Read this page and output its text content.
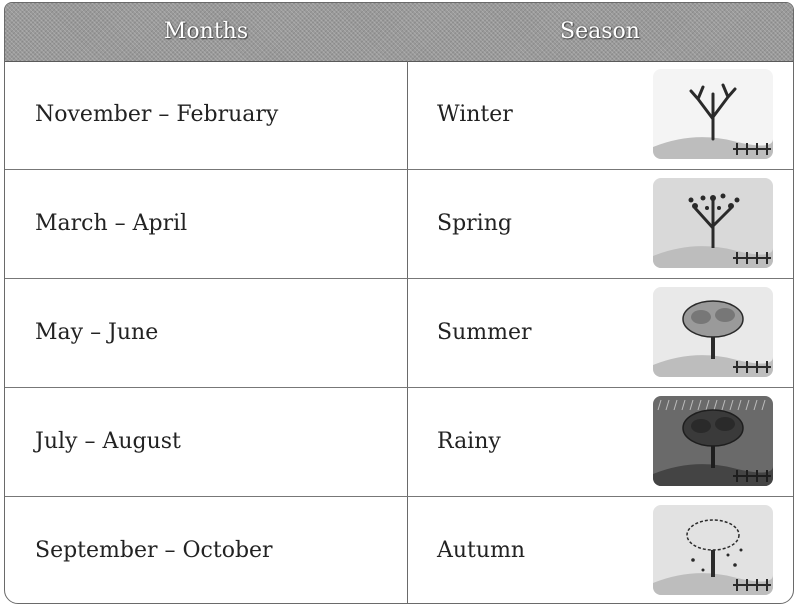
Months	Season
November – February	Winter
March – April	Spring
May – June	Summer
July – August	Rainy
September – October	Autumn
